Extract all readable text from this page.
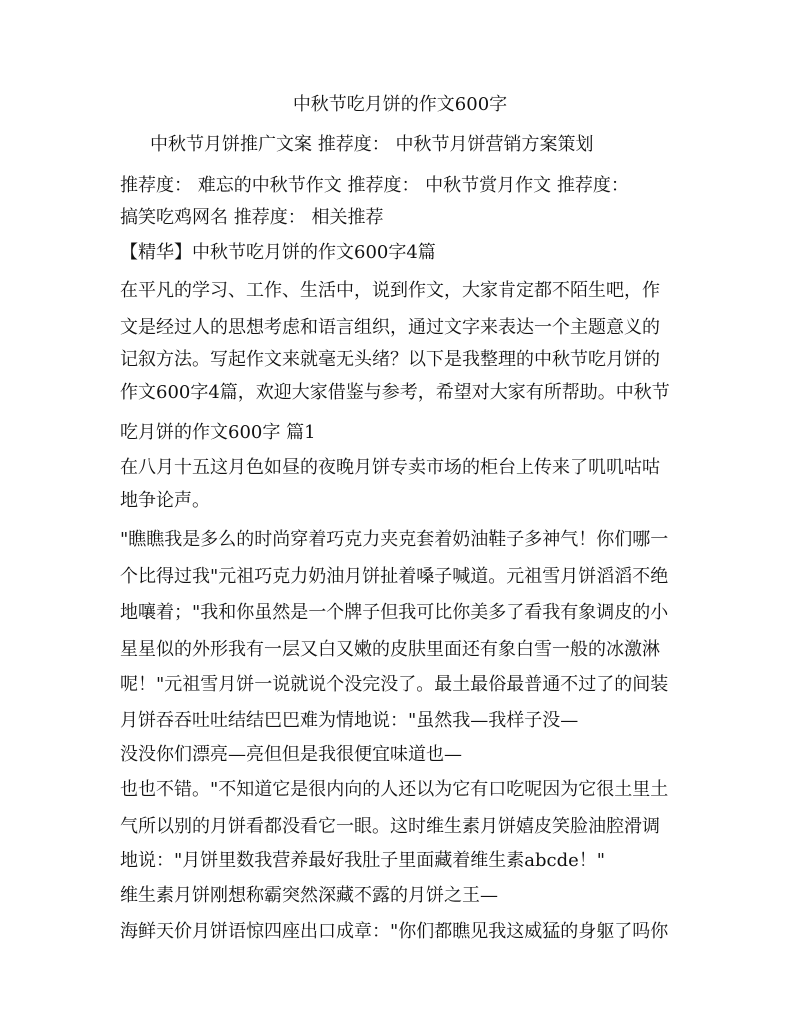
中秋节吃月饼的作文600字
中秋节月饼推广文案 推荐度： 中秋节月饼营销方案策划
推荐度： 难忘的中秋节作文 推荐度： 中秋节赏月作文 推荐度：
搞笑吃鸡网名 推荐度： 相关推荐
【精华】中秋节吃月饼的作文600字4篇
在平凡的学习、工作、生活中，说到作文，大家肯定都不陌生吧，作
文是经过人的思想考虑和语言组织，通过文字来表达一个主题意义的
记叙方法。写起作文来就毫无头绪？以下是我整理的中秋节吃月饼的
作文600字4篇，欢迎大家借鉴与参考，希望对大家有所帮助。中秋节
吃月饼的作文600字 篇1
在八月十五这月色如昼的夜晚月饼专卖市场的柜台上传来了叽叽咕咕
地争论声。
"瞧瞧我是多么的时尚穿着巧克力夹克套着奶油鞋子多神气！你们哪一
个比得过我"元祖巧克力奶油月饼扯着嗓子喊道。元祖雪月饼滔滔不绝
地嚷着；"我和你虽然是一个牌子但我可比你美多了看我有象调皮的小
星星似的外形我有一层又白又嫩的皮肤里面还有象白雪一般的冰激淋
呢！"元祖雪月饼一说就说个没完没了。最土最俗最普通不过了的间装
月饼吞吞吐吐结结巴巴难为情地说："虽然我—我样子没—
没没你们漂亮—亮但但是我很便宜味道也—
也也不错。"不知道它是很内向的人还以为它有口吃呢因为它很土里土
气所以别的月饼看都没看它一眼。这时维生素月饼嬉皮笑脸油腔滑调
地说："月饼里数我营养最好我肚子里面藏着维生素abcde！"
维生素月饼刚想称霸突然深藏不露的月饼之王—
海鲜天价月饼语惊四座出口成章："你们都瞧见我这威猛的身躯了吗你
